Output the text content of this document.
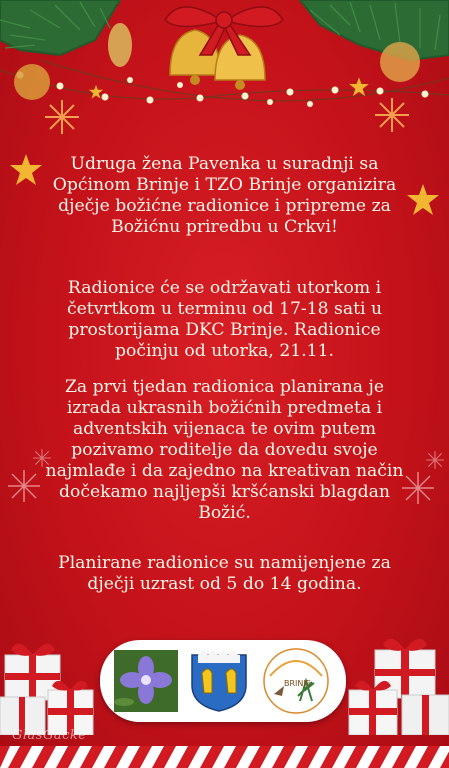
Udruga žena Pavenka u suradnji sa Općinom Brinje i TZO Brinje organizira dječje božićne radionice i pripreme za Božićnu priredbu u Crkvi!

Radionice će se održavati utorkom i četvrtkom u terminu od 17-18 sati u prostorijama DKC Brinje. Radionice počinju od utorka, 21.11.

Za prvi tjedan radionica planirana je izrada ukrasnih božićnih predmeta i adventskih vijenaca te ovim putem pozivamo roditelje da dovedu svoje najmlađe i da zajedno na kreativan način dočekamo najljepši kršćanski blagdan Božić.

Planirane radionice su namijenjene za dječji uzrast od 5 do 14 godina.

BRINJE
GlasGacke
